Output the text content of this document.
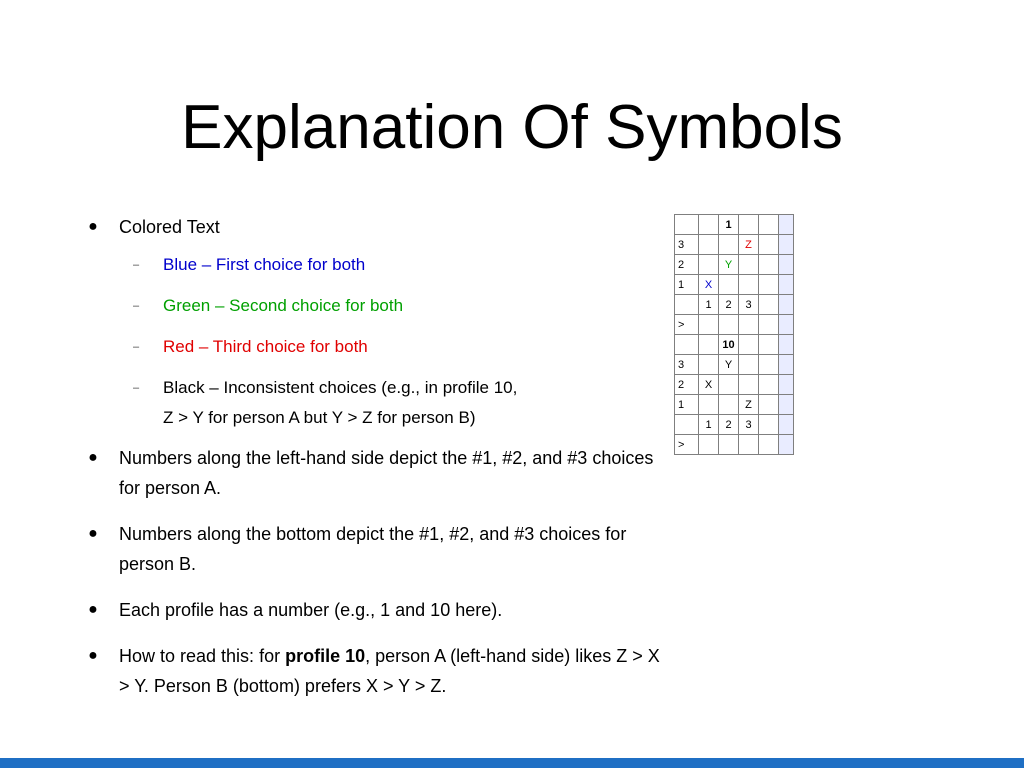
Explanation Of Symbols
● Colored Text
– Blue – First choice for both
– Green – Second choice for both
– Red – Third choice for both
– Black – Inconsistent choices (e.g., in profile 10,
Z > Y for person A but Y > Z for person B)
● Numbers along the left-hand side depict the #1, #2, and #3 choices for person A.
● Numbers along the bottom depict the #1, #2, and #3 choices for person B.
● Each profile has a number (e.g., 1 and 10 here).
● How to read this: for profile 10, person A (left-hand side) likes Z > X > Y. Person B (bottom) prefers X > Y > Z.
		1			
3			Z		
2		Y			
1	X				
	1	2	3		
>					
		10			
3		Y			
2	X				
1			Z		
	1	2	3		
>					
